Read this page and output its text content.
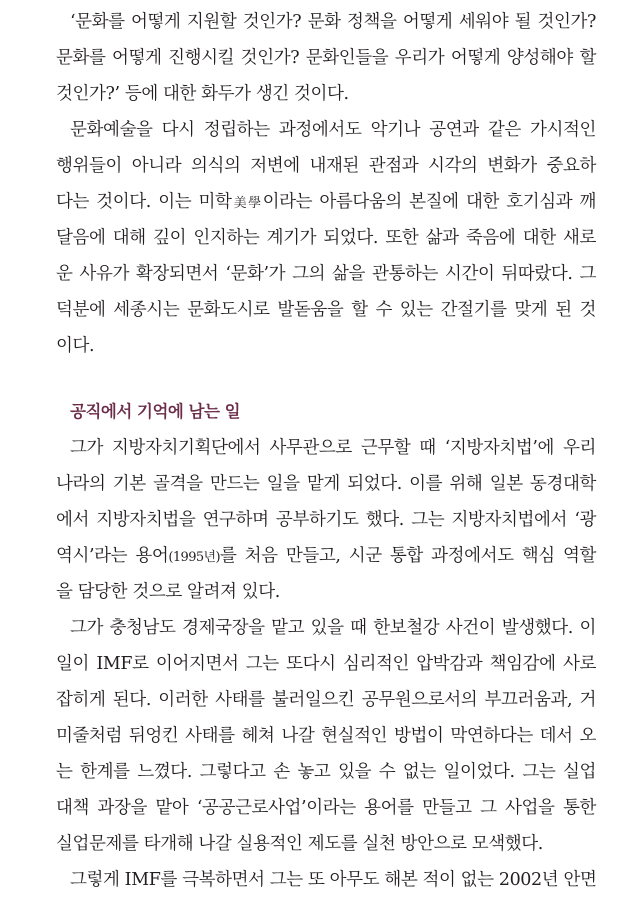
‘문화를 어떻게 지원할 것인가? 문화 정책을 어떻게 세워야 될 것인가?
문화를 어떻게 진행시킬 것인가? 문화인들을 우리가 어떻게 양성해야 할
것인가?’ 등에 대한 화두가 생긴 것이다.
문화예술을 다시 정립하는 과정에서도 악기나 공연과 같은 가시적인
행위들이 아니라 의식의 저변에 내재된 관점과 시각의 변화가 중요하
다는 것이다. 이는 미학美學이라는 아름다움의 본질에 대한 호기심과 깨
달음에 대해 깊이 인지하는 계기가 되었다. 또한 삶과 죽음에 대한 새로
운 사유가 확장되면서 ‘문화’가 그의 삶을 관통하는 시간이 뒤따랐다. 그
덕분에 세종시는 문화도시로 발돋움을 할 수 있는 간절기를 맞게 된 것
이다.
공직에서 기억에 남는 일
그가 지방자치기획단에서 사무관으로 근무할 때 ‘지방자치법’에 우리
나라의 기본 골격을 만드는 일을 맡게 되었다. 이를 위해 일본 동경대학
에서 지방자치법을 연구하며 공부하기도 했다. 그는 지방자치법에서 ‘광
역시’라는 용어(1995년)를 처음 만들고, 시군 통합 과정에서도 핵심 역할
을 담당한 것으로 알려져 있다.
그가 충청남도 경제국장을 맡고 있을 때 한보철강 사건이 발생했다. 이
일이 IMF로 이어지면서 그는 또다시 심리적인 압박감과 책임감에 사로
잡히게 된다. 이러한 사태를 불러일으킨 공무원으로서의 부끄러움과, 거
미줄처럼 뒤엉킨 사태를 헤쳐 나갈 현실적인 방법이 막연하다는 데서 오
는 한계를 느꼈다. 그렇다고 손 놓고 있을 수 없는 일이었다. 그는 실업
대책 과장을 맡아 ‘공공근로사업’이라는 용어를 만들고 그 사업을 통한
실업문제를 타개해 나갈 실용적인 제도를 실천 방안으로 모색했다.
그렇게 IMF를 극복하면서 그는 또 아무도 해본 적이 없는 2002년 안면
